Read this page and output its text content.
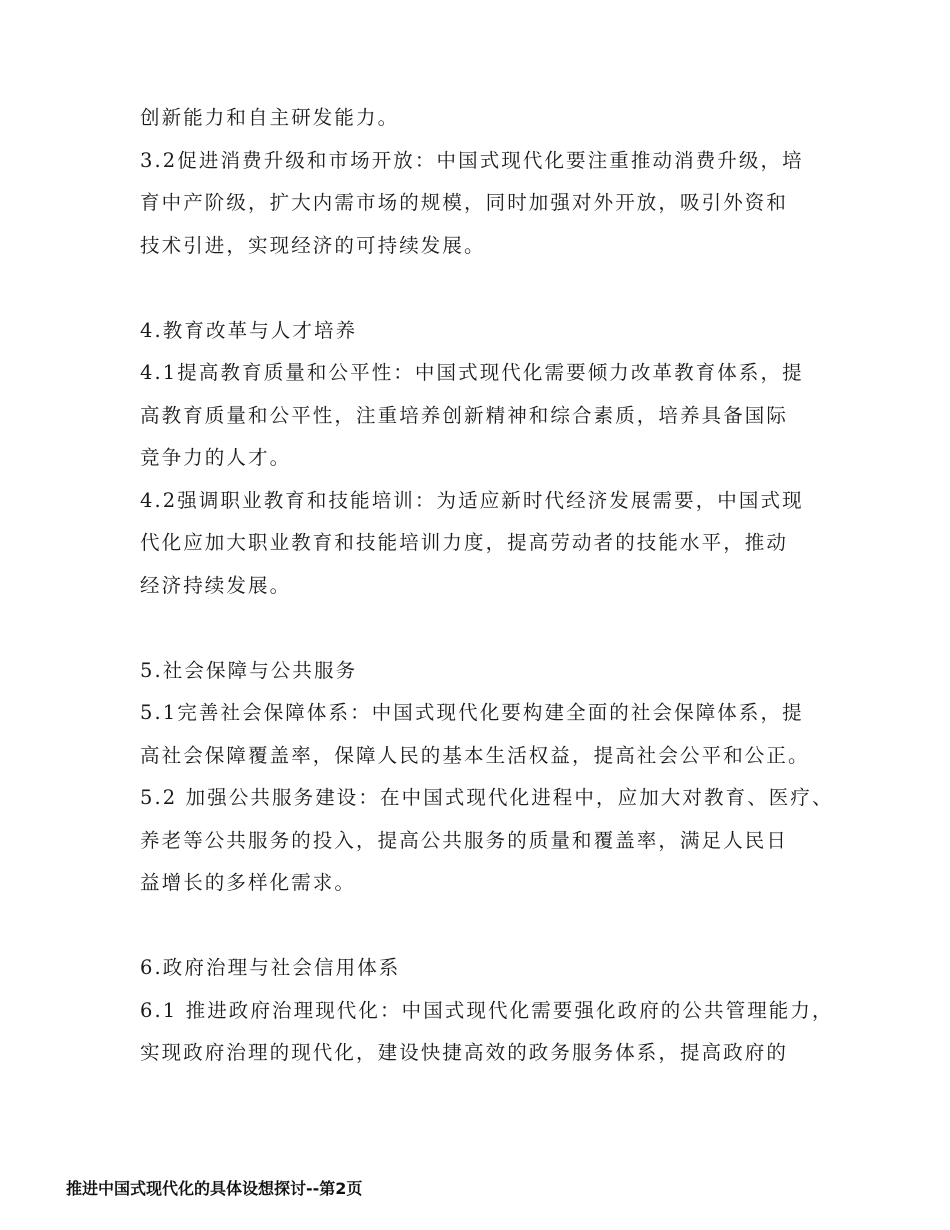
创新能力和自主研发能力。
3.2促进消费升级和市场开放：中国式现代化要注重推动消费升级，培
育中产阶级，扩大内需市场的规模，同时加强对外开放，吸引外资和
技术引进，实现经济的可持续发展。
4.教育改革与人才培养
4.1提高教育质量和公平性：中国式现代化需要倾力改革教育体系，提
高教育质量和公平性，注重培养创新精神和综合素质，培养具备国际
竞争力的人才。
4.2强调职业教育和技能培训：为适应新时代经济发展需要，中国式现
代化应加大职业教育和技能培训力度，提高劳动者的技能水平，推动
经济持续发展。
5.社会保障与公共服务
5.1完善社会保障体系：中国式现代化要构建全面的社会保障体系，提
高社会保障覆盖率，保障人民的基本生活权益，提高社会公平和公正。
5.2 加强公共服务建设：在中国式现代化进程中，应加大对教育、医疗、
养老等公共服务的投入，提高公共服务的质量和覆盖率，满足人民日
益增长的多样化需求。
6.政府治理与社会信用体系
6.1 推进政府治理现代化：中国式现代化需要强化政府的公共管理能力，
实现政府治理的现代化，建设快捷高效的政务服务体系，提高政府的
推进中国式现代化的具体设想探讨--第2页
